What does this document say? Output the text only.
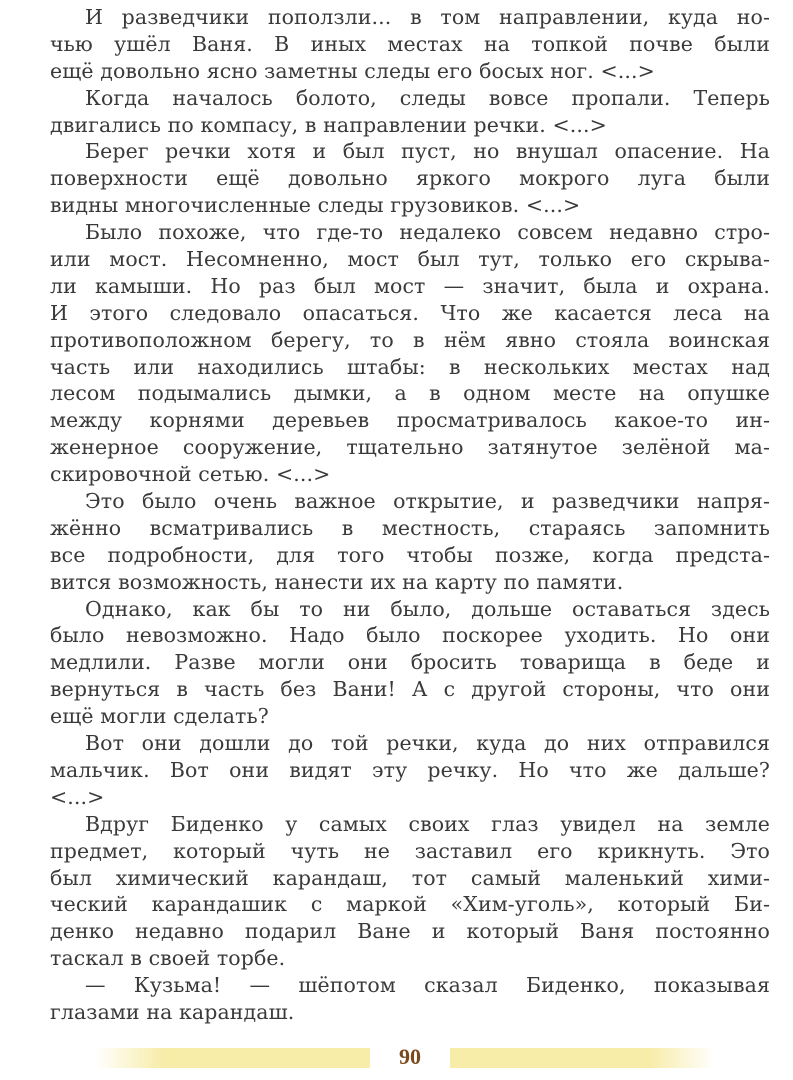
И разведчики поползли... в том направлении, куда но-
чью ушёл Ваня. В иных местах на топкой почве были
ещё довольно ясно заметны следы его босых ног. <...>
Когда началось болото, следы вовсе пропали. Теперь
двигались по компасу, в направлении речки. <...>
Берег речки хотя и был пуст, но внушал опасение. На
поверхности ещё довольно яркого мокрого луга были
видны многочисленные следы грузовиков. <...>
Было похоже, что где-то недалеко совсем недавно стро-
или мост. Несомненно, мост был тут, только его скрыва-
ли камыши. Но раз был мост — значит, была и охрана.
И этого следовало опасаться. Что же касается леса на
противоположном берегу, то в нём явно стояла воинская
часть или находились штабы: в нескольких местах над
лесом подымались дымки, а в одном месте на опушке
между корнями деревьев просматривалось какое-то ин-
женерное сооружение, тщательно затянутое зелёной ма-
скировочной сетью. <...>
Это было очень важное открытие, и разведчики напря-
жённо всматривались в местность, стараясь запомнить
все подробности, для того чтобы позже, когда предста-
вится возможность, нанести их на карту по памяти.
Однако, как бы то ни было, дольше оставаться здесь
было невозможно. Надо было поскорее уходить. Но они
медлили. Разве могли они бросить товарища в беде и
вернуться в часть без Вани! А с другой стороны, что они
ещё могли сделать?
Вот они дошли до той речки, куда до них отправился
мальчик. Вот они видят эту речку. Но что же дальше?
<...>
Вдруг Биденко у самых своих глаз увидел на земле
предмет, который чуть не заставил его крикнуть. Это
был химический карандаш, тот самый маленький хими-
ческий карандашик с маркой «Хим-уголь», который Би-
денко недавно подарил Ване и который Ваня постоянно
таскал в своей торбе.
— Кузьма! — шёпотом сказал Биденко, показывая
глазами на карандаш.
90
